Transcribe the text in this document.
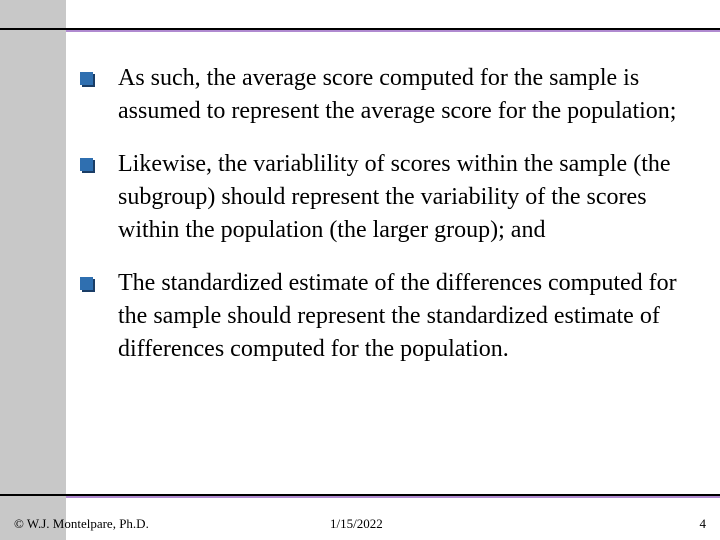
As such, the average score computed for the sample is assumed to represent the average score for the population;
Likewise, the variablility of scores within the sample (the subgroup) should represent the variability of the scores within the population (the larger group); and
The standardized estimate of the differences computed for the sample should represent the standardized estimate of differences computed for the population.
© W.J. Montelpare, Ph.D.	1/15/2022	4
